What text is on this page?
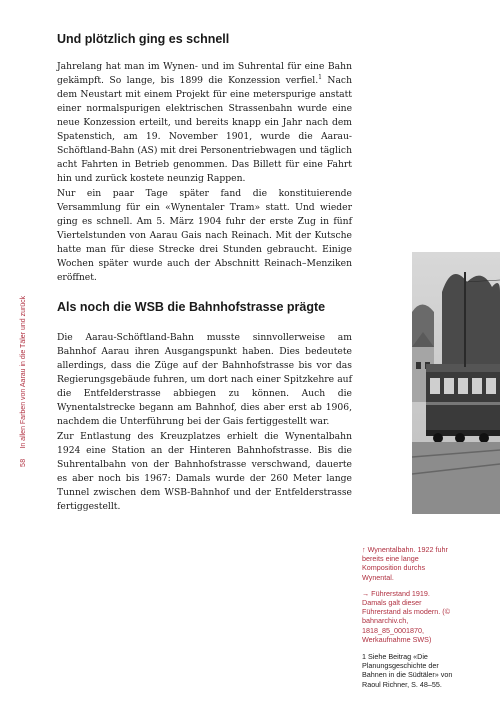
58
In allen Farben von Aarau in die Täler und zurück
Und plötzlich ging es schnell

Jahrelang hat man im Wynen- und im Suhrental für eine Bahn gekämpft. So lange, bis 1899 die Konzession verfiel.$^1$ Nach dem Neustart mit einem Projekt für eine meterspurige anstatt einer normalspurigen elektrischen Strassenbahn wurde eine neue Konzession erteilt, und bereits knapp ein Jahr nach dem Spatenstich, am 19. November 1901, wurde die Aarau-Schöftland-Bahn (AS) mit drei Personentriebwagen und täglich acht Fahrten in Betrieb genommen. Das Billett für eine Fahrt hin und zurück kostete neunzig Rappen.

Nur ein paar Tage später fand die konstituierende Versammlung für ein «Wynentaler Tram» statt. Und wieder ging es schnell. Am 5. März 1904 fuhr der erste Zug in fünf Viertelstunden von Aarau Gais nach Reinach. Mit der Kutsche hatte man für diese Strecke drei Stunden gebraucht. Einige Wochen später wurde auch der Abschnitt Reinach–Menziken eröffnet.

Als noch die WSB die Bahnhofstrasse prägte

Die Aarau-Schöftland-Bahn musste sinnvollerweise am Bahnhof Aarau ihren Ausgangspunkt haben. Dies bedeutete allerdings, dass die Züge auf der Bahnhofstrasse bis vor das Regierungsgebäude fuhren, um dort nach einer Spitzkehre auf die Entfelderstrasse abbiegen zu können. Auch die Wynentalstrecke begann am Bahnhof, dies aber erst ab 1906, nachdem die Unterführung bei der Gais fertiggestellt war.

Zur Entlastung des Kreuzplatzes erhielt die Wynentalbahn 1924 eine Station an der Hinteren Bahnhofstrasse. Bis die Suhrentalbahn von der Bahnhofstrasse verschwand, dauerte es aber noch bis 1967: Damals wurde der 260 Meter lange Tunnel zwischen dem WSB-Bahnhof und der Entfelderstrasse fertiggestellt.

↑ Wynentalbahn. 1922 fuhr bereits eine lange Komposition durchs Wynental.

→ Führerstand 1919. Damals galt dieser Führerstand als modern. (© bahnarchiv.ch, 1818_85_0001870, Werkaufnahme SWS)

1 Siehe Beitrag «Die Planungsgeschichte der Bahnen in die Südtäler» von Raoul Richner, S. 48–55.
